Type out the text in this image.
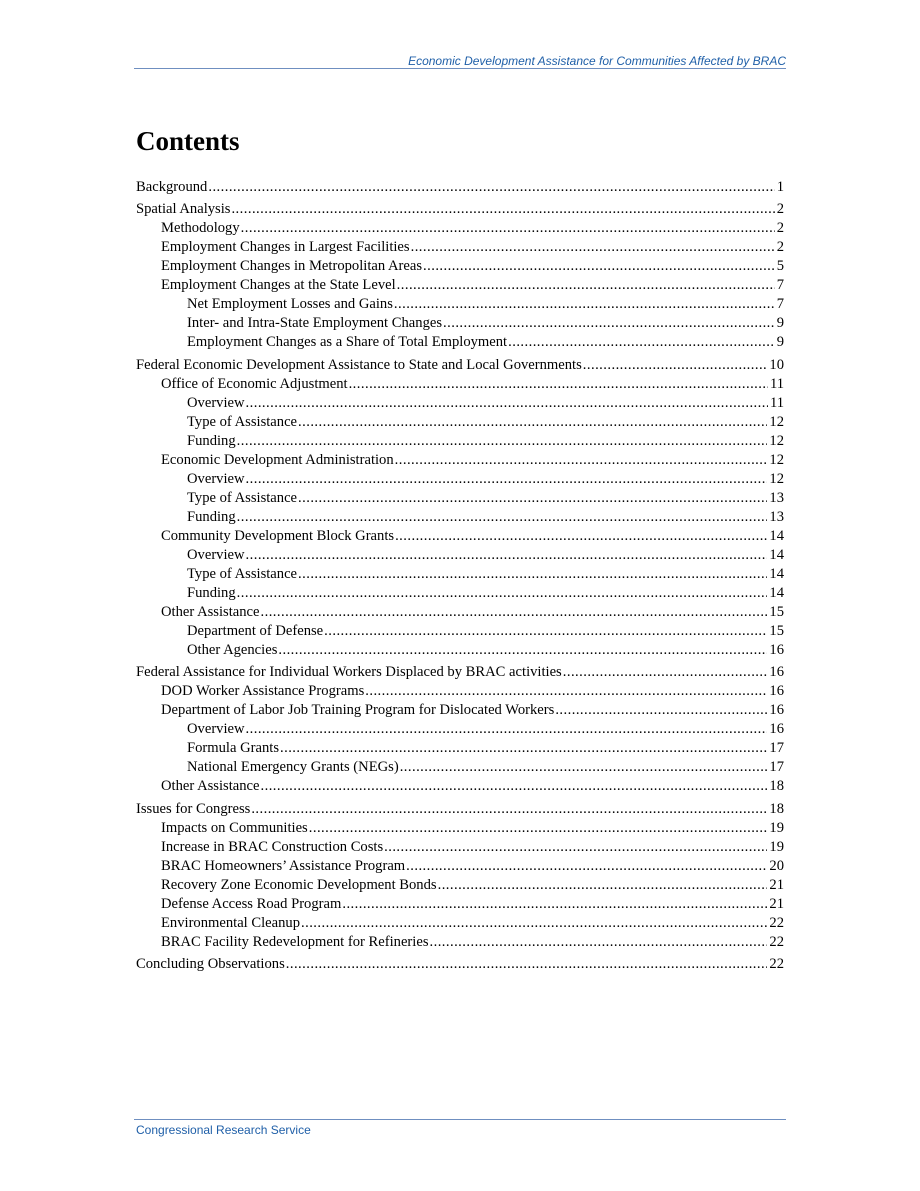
Economic Development Assistance for Communities Affected by BRAC
Contents
Background . . .	1
Spatial Analysis . . .	2
Methodology . . .	2
Employment Changes in Largest Facilities . . .	2
Employment Changes in Metropolitan Areas . . .	5
Employment Changes at the State Level . . .	7
Net Employment Losses and Gains . . .	7
Inter- and Intra-State Employment Changes . . .	9
Employment Changes as a Share of Total Employment . . .	9
Federal Economic Development Assistance to State and Local Governments . . .	10
Office of Economic Adjustment . . .	11
Overview . . .	11
Type of Assistance . . .	12
Funding . . .	12
Economic Development Administration . . .	12
Overview . . .	12
Type of Assistance . . .	13
Funding . . .	13
Community Development Block Grants . . .	14
Overview . . .	14
Type of Assistance . . .	14
Funding . . .	14
Other Assistance . . .	15
Department of Defense . . .	15
Other Agencies . . .	16
Federal Assistance for Individual Workers Displaced by BRAC activities . . .	16
DOD Worker Assistance Programs . . .	16
Department of Labor Job Training Program for Dislocated Workers . . .	16
Overview . . .	16
Formula Grants . . .	17
National Emergency Grants (NEGs) . . .	17
Other Assistance . . .	18
Issues for Congress . . .	18
Impacts on Communities . . .	19
Increase in BRAC Construction Costs . . .	19
BRAC Homeowners’ Assistance Program . . .	20
Recovery Zone Economic Development Bonds . . .	21
Defense Access Road Program . . .	21
Environmental Cleanup . . .	22
BRAC Facility Redevelopment for Refineries . . .	22
Concluding Observations . . .	22
Congressional Research Service
